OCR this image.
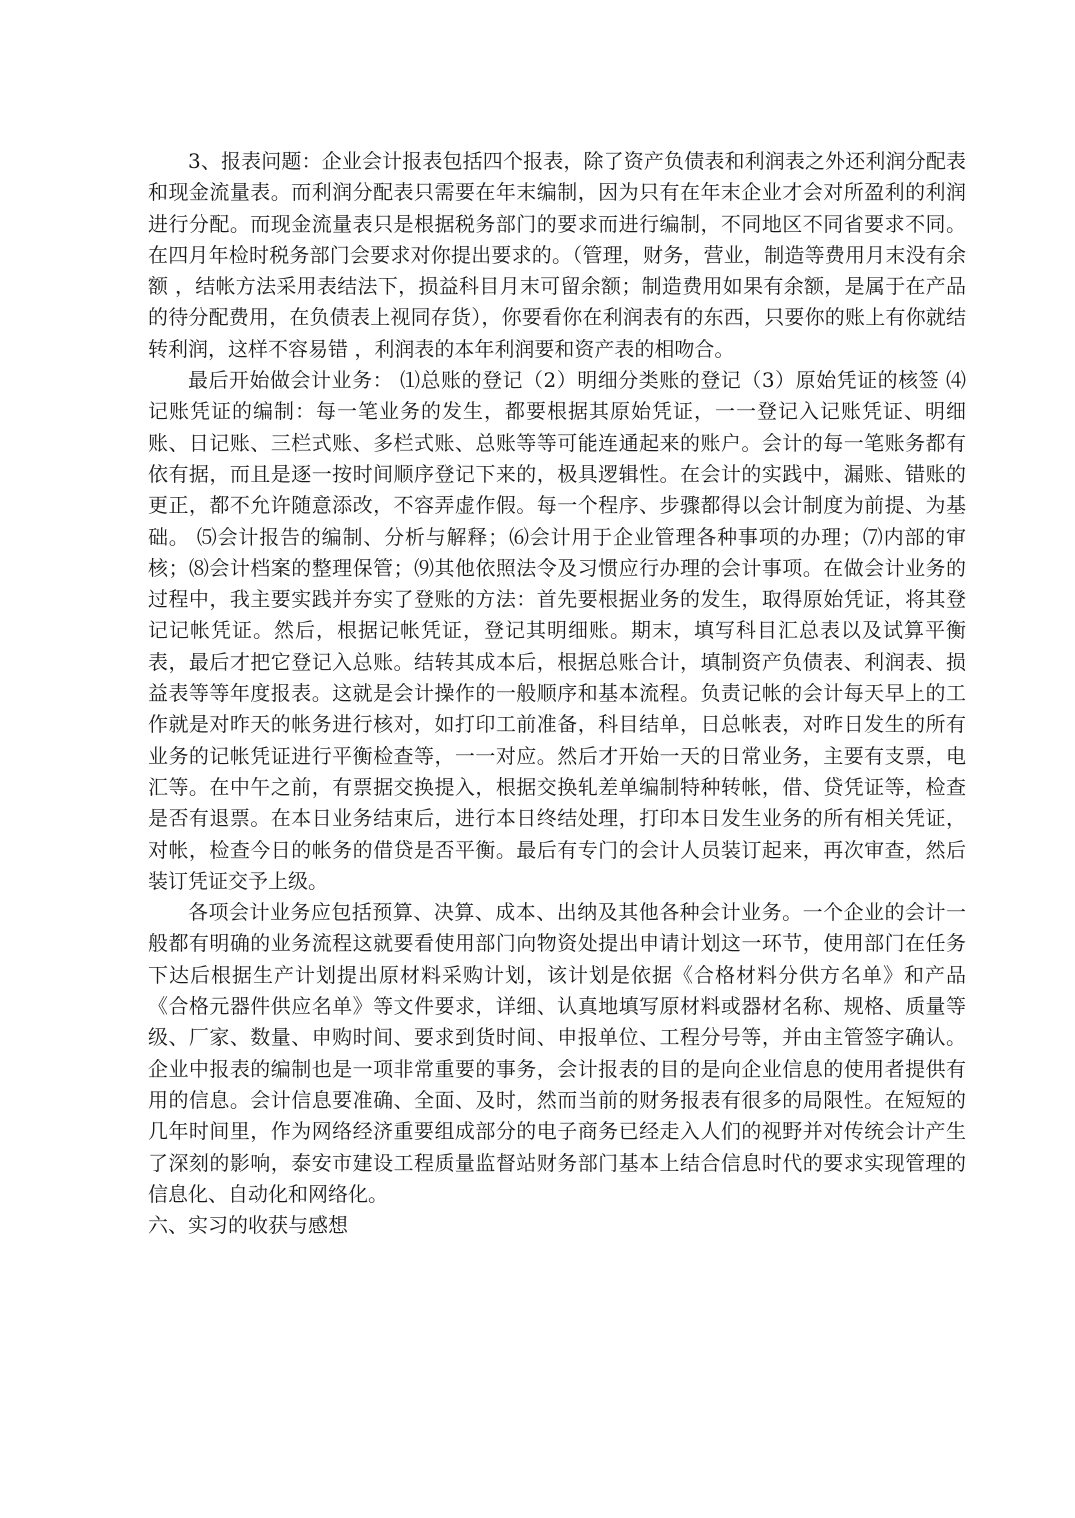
3、报表问题：企业会计报表包括四个报表，除了资产负债表和利润表之外还利润分配表和现金流量表。而利润分配表只需要在年末编制，因为只有在年末企业才会对所盈利的利润进行分配。而现金流量表只是根据税务部门的要求而进行编制，不同地区不同省要求不同。在四月年检时税务部门会要求对你提出要求的。（管理，财务，营业，制造等费用月末没有余额 ，结帐方法采用表结法下，损益科目月末可留余额；制造费用如果有余额，是属于在产品的待分配费用，在负债表上视同存货），你要看你在利润表有的东西，只要你的账上有你就结转利润，这样不容易错 ，利润表的本年利润要和资产表的相吻合。

最后开始做会计业务： ⑴总账的登记（2）明细分类账的登记（3）原始凭证的核签 ⑷记账凭证的编制：每一笔业务的发生，都要根据其原始凭证，一一登记入记账凭证、明细账、日记账、三栏式账、多栏式账、总账等等可能连通起来的账户。会计的每一笔账务都有依有据，而且是逐一按时间顺序登记下来的，极具逻辑性。在会计的实践中，漏账、错账的更正，都不允许随意添改，不容弄虚作假。每一个程序、步骤都得以会计制度为前提、为基础。 ⑸会计报告的编制、分析与解释；⑹会计用于企业管理各种事项的办理；⑺内部的审核；⑻会计档案的整理保管；⑼其他依照法令及习惯应行办理的会计事项。在做会计业务的过程中，我主要实践并夯实了登账的方法：首先要根据业务的发生，取得原始凭证，将其登记记帐凭证。然后，根据记帐凭证，登记其明细账。期末，填写科目汇总表以及试算平衡表，最后才把它登记入总账。结转其成本后，根据总账合计，填制资产负债表、利润表、损益表等等年度报表。这就是会计操作的一般顺序和基本流程。负责记帐的会计每天早上的工作就是对昨天的帐务进行核对，如打印工前准备，科目结单，日总帐表，对昨日发生的所有业务的记帐凭证进行平衡检查等，一一对应。然后才开始一天的日常业务，主要有支票，电汇等。在中午之前，有票据交换提入，根据交换轧差单编制特种转帐，借、贷凭证等，检查是否有退票。在本日业务结束后，进行本日终结处理，打印本日发生业务的所有相关凭证，对帐，检查今日的帐务的借贷是否平衡。最后有专门的会计人员装订起来，再次审查，然后装订凭证交予上级。

各项会计业务应包括预算、决算、成本、出纳及其他各种会计业务。一个企业的会计一般都有明确的业务流程这就要看使用部门向物资处提出申请计划这一环节，使用部门在任务下达后根据生产计划提出原材料采购计划，该计划是依据《合格材料分供方名单》和产品《合格元器件供应名单》等文件要求，详细、认真地填写原材料或器材名称、规格、质量等级、厂家、数量、申购时间、要求到货时间、申报单位、工程分号等，并由主管签字确认。企业中报表的编制也是一项非常重要的事务，会计报表的目的是向企业信息的使用者提供有用的信息。会计信息要准确、全面、及时，然而当前的财务报表有很多的局限性。在短短的几年时间里，作为网络经济重要组成部分的电子商务已经走入人们的视野并对传统会计产生了深刻的影响，泰安市建设工程质量监督站财务部门基本上结合信息时代的要求实现管理的信息化、自动化和网络化。

六、实习的收获与感想
